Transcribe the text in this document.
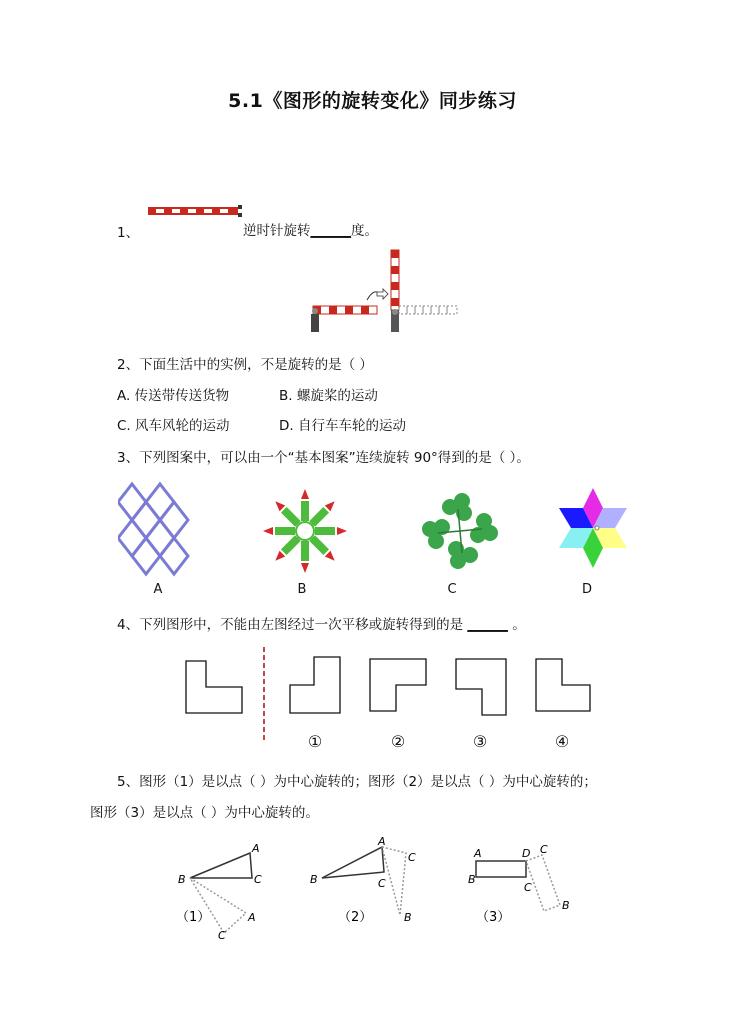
5.1《图形的旋转变化》同步练习
1、	逆时针旋转______度。
2、下面生活中的实例，不是旋转的是（ ）
A. 传送带传送货物	B. 螺旋桨的运动
C. 风车风轮的运动	D. 自行车车轮的运动
3、下列图案中，可以由一个“基本图案”连续旋转 90°得到的是（ ）。
A	B	C	D
4、下列图形中，不能由左图经过一次平移或旋转得到的是 ______ 。
①	②	③	④
5、图形（1）是以点（ ）为中心旋转的；图形（2）是以点（ ）为中心旋转的；
图形（3）是以点（ ）为中心旋转的。
B
A
C
A
C
B
A
C
C
B
A	D
B
C
C
B
（1）	（2）	（3）
